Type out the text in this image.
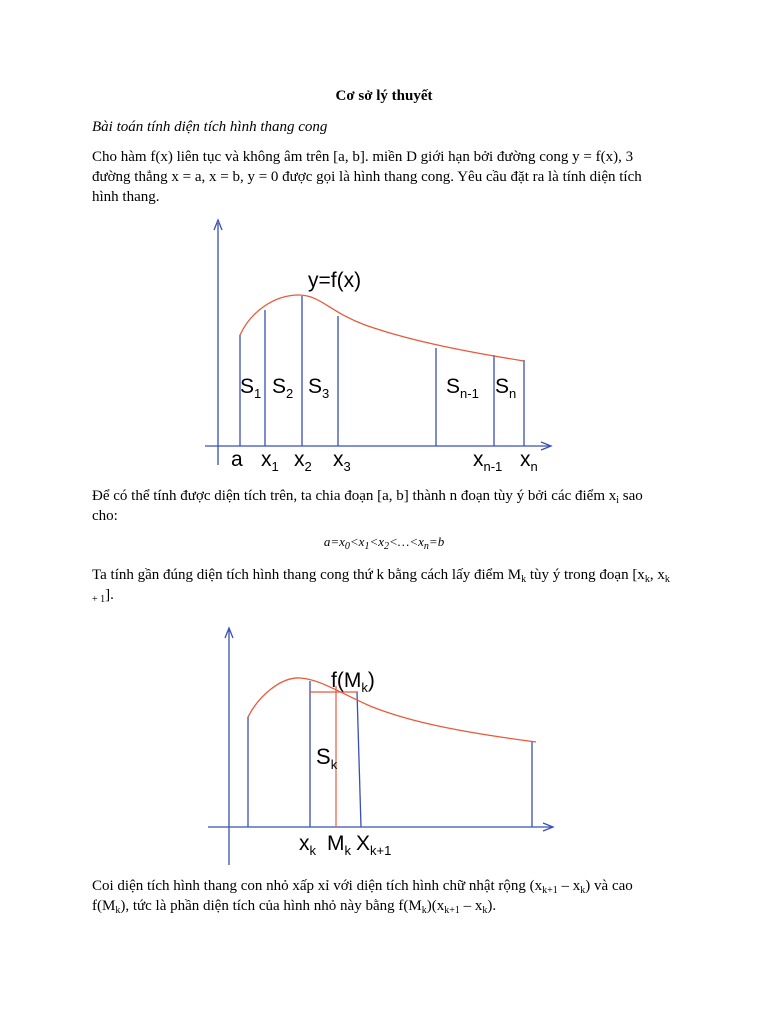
Cơ sở lý thuyết
Bài toán tính diện tích hình thang cong
Cho hàm f(x) liên tục và không âm trên [a, b]. miền D giới hạn bởi đường cong y = f(x), 3 đường thẳng x = a, x = b, y = 0 được gọi là hình thang cong. Yêu cầu đặt ra là tính diện tích hình thang.
y=f(x)
$S_1$ $S_2$ $S_3$	$S_{n-1}$ $S_n$
a $x_1$ $x_2$ $x_3$	$x_{n-1}$ $x_n$
Để có thể tính được diện tích trên, ta chia đoạn [a, b] thành n đoạn tùy ý bởi các điểm $x_i$ sao cho:
$a=x_0<x_1<x_2<\dots<x_n=b$
Ta tính gần đúng diện tích hình thang cong thứ k bằng cách lấy điểm $M_k$ tùy ý trong đoạn [$x_k$, $x_{k + 1}$].
$f(M_k)$
$S_k$
$x_k$ $M_k$ $X_{k+1}$
Coi diện tích hình thang con nhỏ xấp xỉ với diện tích hình chữ nhật rộng $(x_{k+1} - x_k)$ và cao $f(M_k)$, tức là phần diện tích của hình nhỏ này bằng $f(M_k)(x_{k+1} - x_k)$.
